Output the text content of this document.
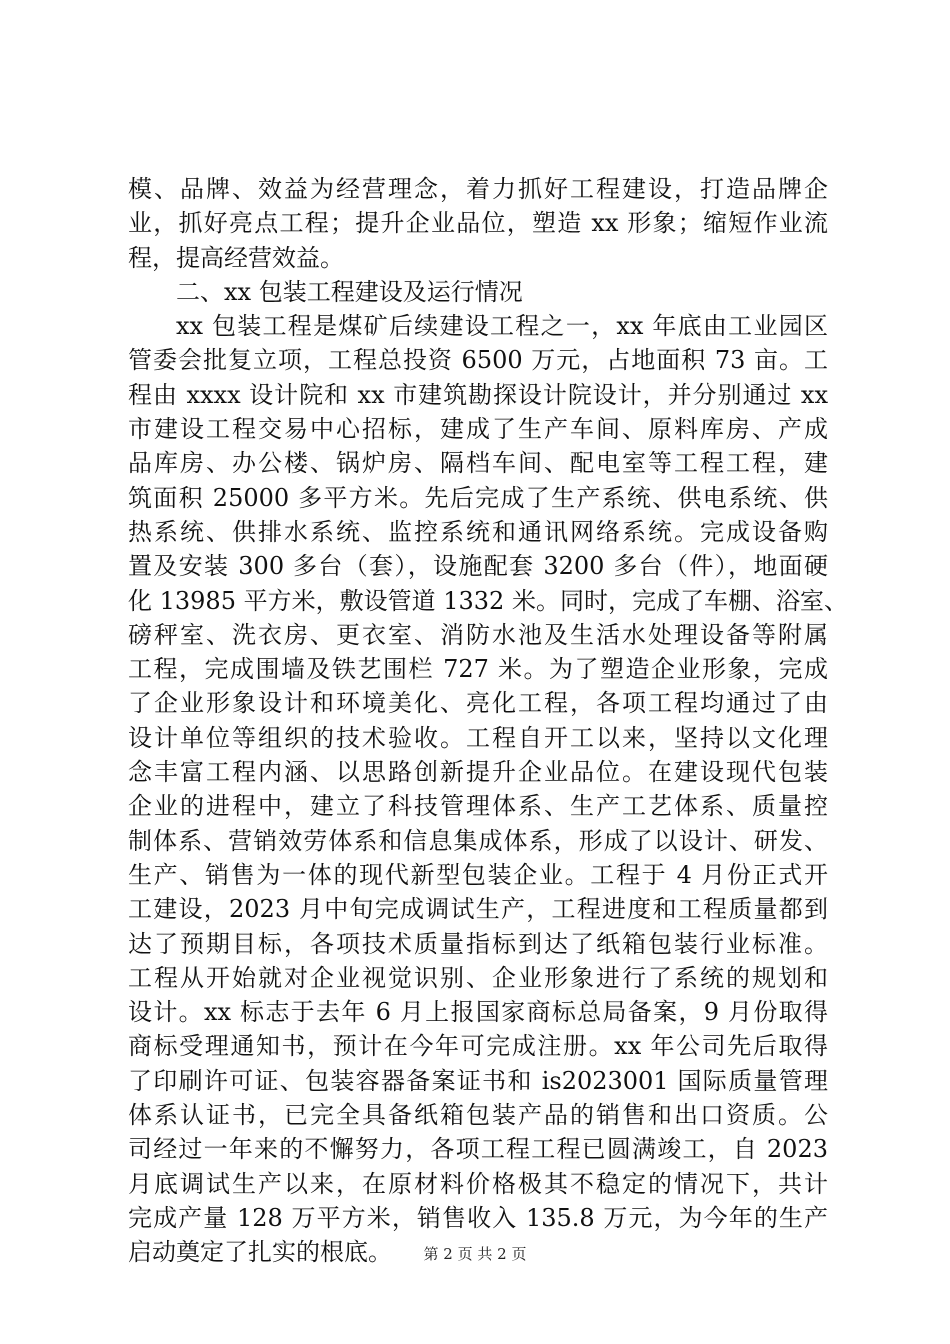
模、品牌、效益为经营理念，着力抓好工程建设，打造品牌企
业，抓好亮点工程；提升企业品位，塑造 xx 形象；缩短作业流
程，提高经营效益。
二、xx 包装工程建设及运行情况
xx 包装工程是煤矿后续建设工程之一，xx 年底由工业园区
管委会批复立项，工程总投资 6500 万元，占地面积 73 亩。工
程由 xxxx 设计院和 xx 市建筑勘探设计院设计，并分别通过 xx
市建设工程交易中心招标，建成了生产车间、原料库房、产成
品库房、办公楼、锅炉房、隔档车间、配电室等工程工程，建
筑面积 25000 多平方米。先后完成了生产系统、供电系统、供
热系统、供排水系统、监控系统和通讯网络系统。完成设备购
置及安装 300 多台（套），设施配套 3200 多台（件），地面硬
化 13985 平方米，敷设管道 1332 米。同时，完成了车棚、浴室、
磅秤室、洗衣房、更衣室、消防水池及生活水处理设备等附属
工程，完成围墙及铁艺围栏 727 米。为了塑造企业形象，完成
了企业形象设计和环境美化、亮化工程，各项工程均通过了由
设计单位等组织的技术验收。工程自开工以来，坚持以文化理
念丰富工程内涵、以思路创新提升企业品位。在建设现代包装
企业的进程中，建立了科技管理体系、生产工艺体系、质量控
制体系、营销效劳体系和信息集成体系，形成了以设计、研发、
生产、销售为一体的现代新型包装企业。工程于 4 月份正式开
工建设，2023 月中旬完成调试生产，工程进度和工程质量都到
达了预期目标，各项技术质量指标到达了纸箱包装行业标准。
工程从开始就对企业视觉识别、企业形象进行了系统的规划和
设计。xx 标志于去年 6 月上报国家商标总局备案，9 月份取得
商标受理通知书，预计在今年可完成注册。xx 年公司先后取得
了印刷许可证、包装容器备案证书和 is2023001 国际质量管理
体系认证书，已完全具备纸箱包装产品的销售和出口资质。公
司经过一年来的不懈努力，各项工程工程已圆满竣工，自 2023
月底调试生产以来，在原材料价格极其不稳定的情况下，共计
完成产量 128 万平方米，销售收入 135.8 万元，为今年的生产
启动奠定了扎实的根底。	第 2 页 共 2 页
